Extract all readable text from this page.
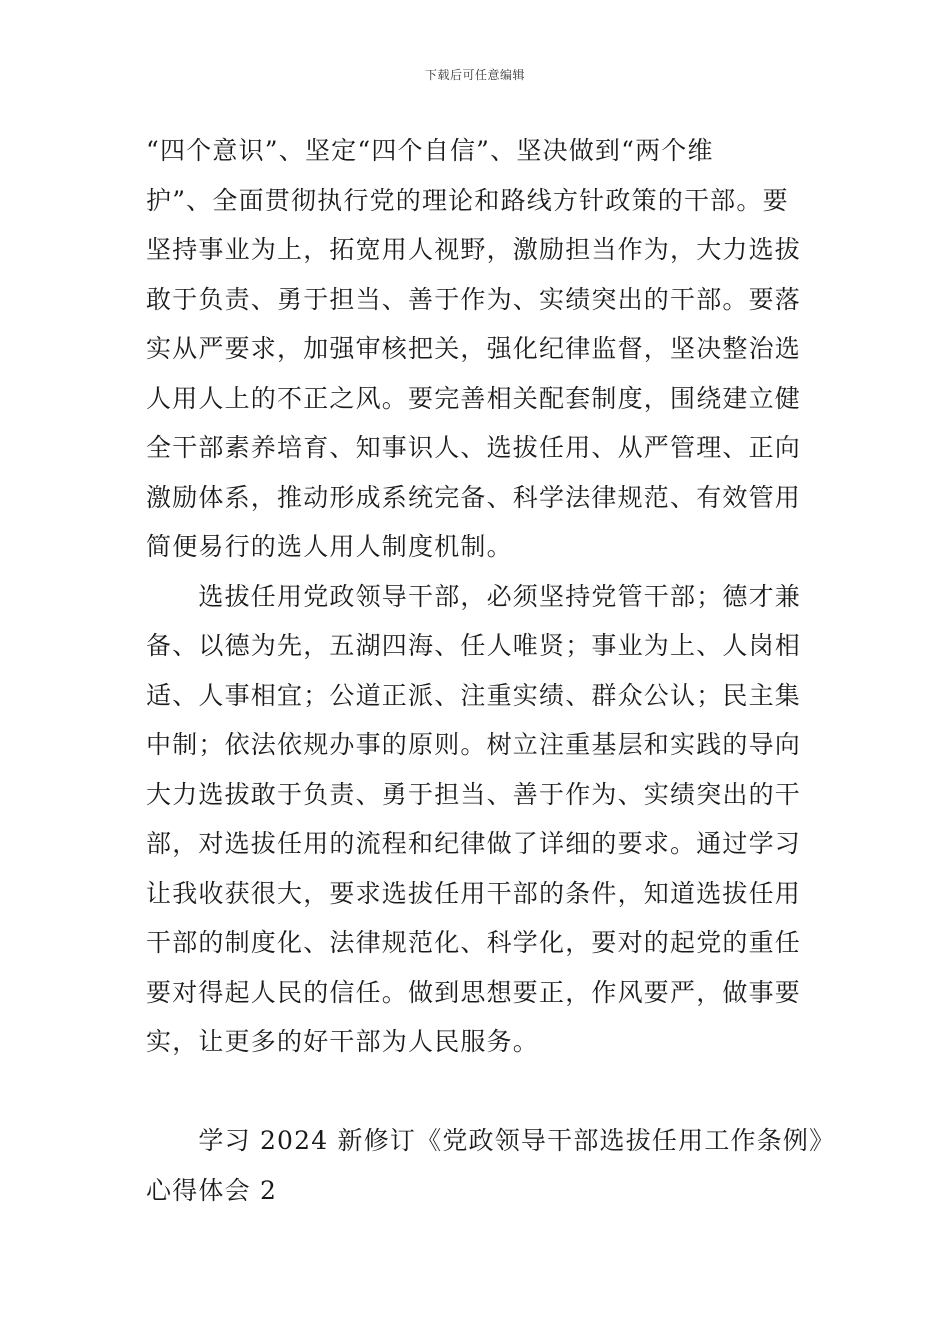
下载后可任意编辑
“四个意识”、坚定“四个自信”、坚决做到“两个维
护”、全面贯彻执行党的理论和路线方针政策的干部。要
坚持事业为上，拓宽用人视野，激励担当作为，大力选拔
敢于负责、勇于担当、善于作为、实绩突出的干部。要落
实从严要求，加强审核把关，强化纪律监督，坚决整治选
人用人上的不正之风。要完善相关配套制度，围绕建立健
全干部素养培育、知事识人、选拔任用、从严管理、正向
激励体系，推动形成系统完备、科学法律规范、有效管用
简便易行的选人用人制度机制。
　　选拔任用党政领导干部，必须坚持党管干部；德才兼
备、以德为先，五湖四海、任人唯贤；事业为上、人岗相
适、人事相宜；公道正派、注重实绩、群众公认；民主集
中制；依法依规办事的原则。树立注重基层和实践的导向
大力选拔敢于负责、勇于担当、善于作为、实绩突出的干
部，对选拔任用的流程和纪律做了详细的要求。通过学习
让我收获很大，要求选拔任用干部的条件，知道选拔任用
干部的制度化、法律规范化、科学化，要对的起党的重任
要对得起人民的信任。做到思想要正，作风要严，做事要
实，让更多的好干部为人民服务。
　　学习 2024 新修订《党政领导干部选拔任用工作条例》
心得体会 2
